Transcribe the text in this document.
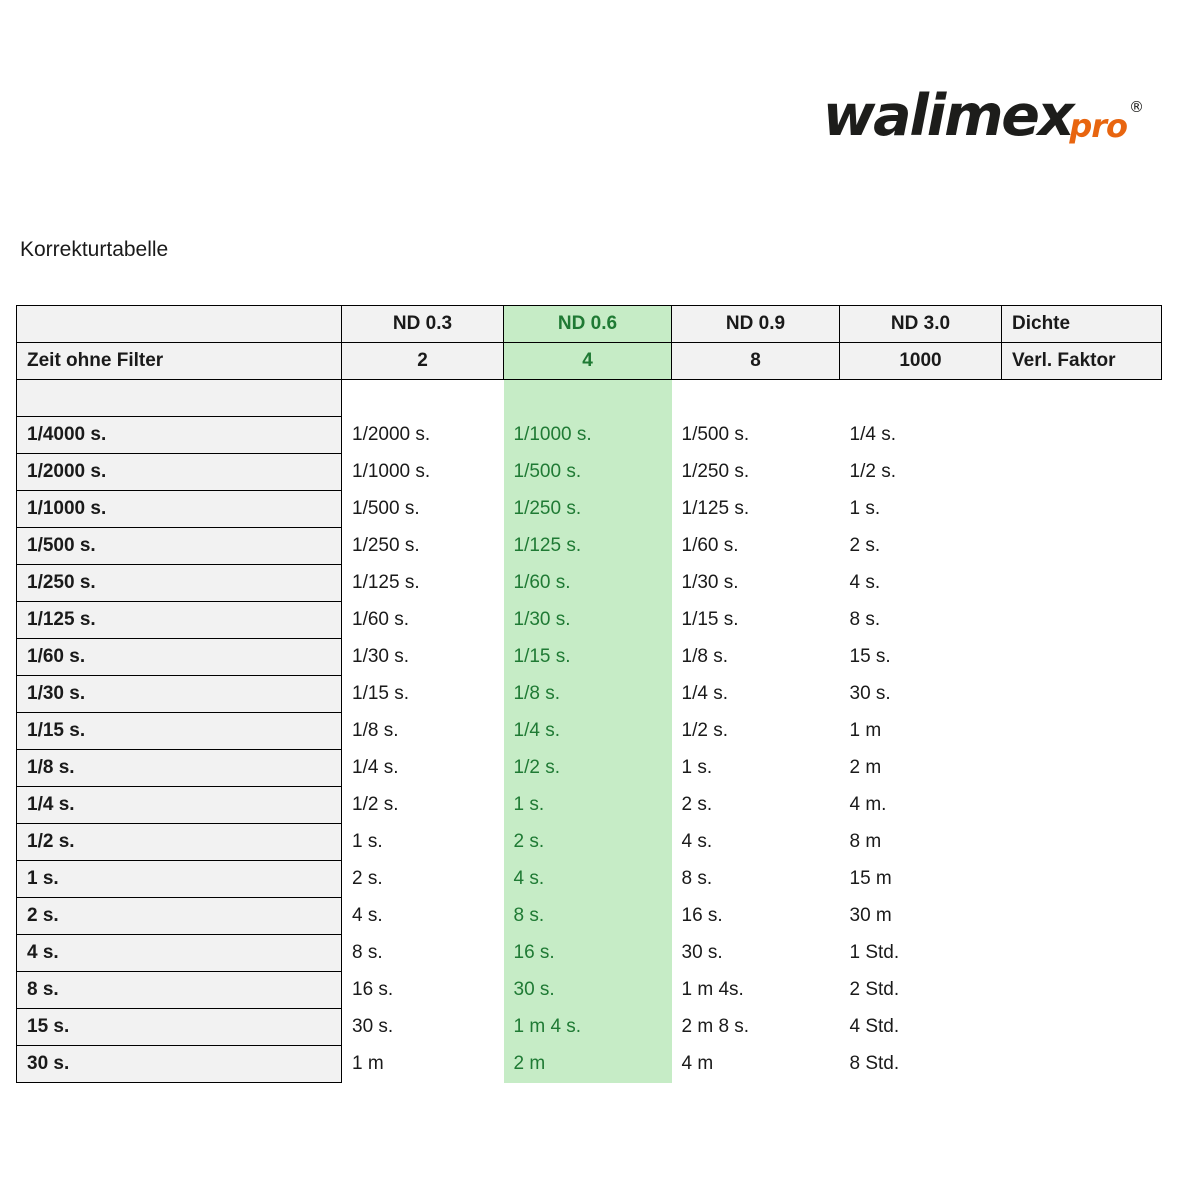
walimex
pro ®
Korrekturtabelle
	ND 0.3	ND 0.6	ND 0.9	ND 3.0	Dichte
Zeit ohne Filter	2	4	8	1000	Verl. Faktor

1/4000 s.	1/2000 s.	1/1000 s.	1/500 s.	1/4 s.	
1/2000 s.	1/1000 s.	1/500 s.	1/250 s.	1/2 s.	
1/1000 s.	1/500 s.	1/250 s.	1/125 s.	1 s.	
1/500 s.	1/250 s.	1/125 s.	1/60 s.	2 s.	
1/250 s.	1/125 s.	1/60 s.	1/30 s.	4 s.	
1/125 s.	1/60 s.	1/30 s.	1/15 s.	8 s.	
1/60 s.	1/30 s.	1/15 s.	1/8 s.	15 s.	
1/30 s.	1/15 s.	1/8 s.	1/4 s.	30 s.	
1/15 s.	1/8 s.	1/4 s.	1/2 s.	1 m	
1/8 s.	1/4 s.	1/2 s.	1 s.	2 m	
1/4 s.	1/2 s.	1 s.	2 s.	4 m.	
1/2 s.	1 s.	2 s.	4 s.	8 m	
1 s.	2 s.	4 s.	8 s.	15 m	
2 s.	4 s.	8 s.	16 s.	30 m	
4 s.	8 s.	16 s.	30 s.	1 Std.	
8 s.	16 s.	30 s.	1 m 4s.	2 Std.	
15 s.	30 s.	1 m 4 s.	2 m 8 s.	4 Std.	
30 s.	1 m	2 m	4 m	8 Std.	
